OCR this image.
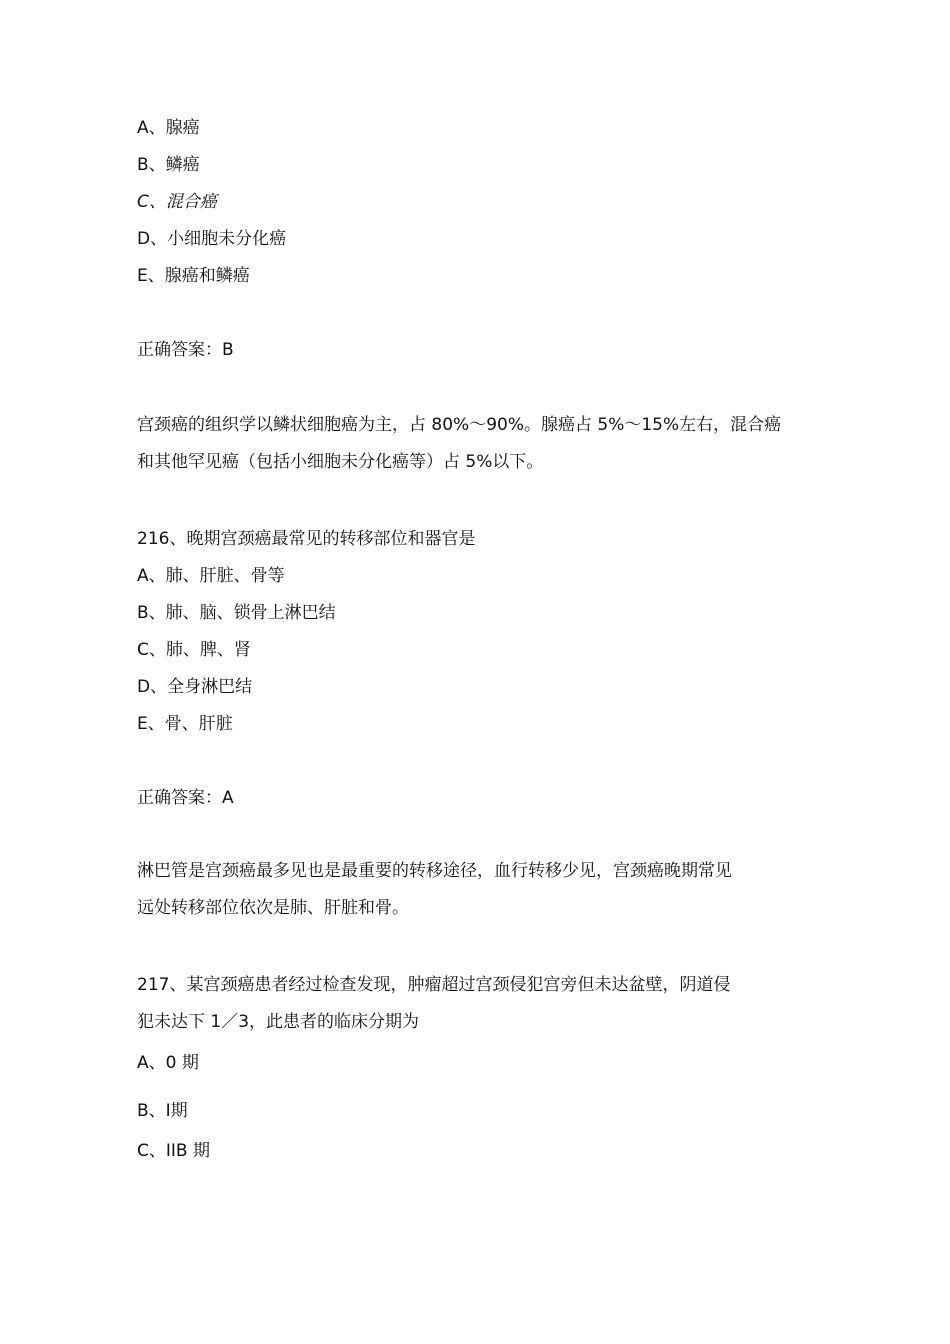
A、腺癌
B、鳞癌
C、混合癌
D、小细胞未分化癌
E、腺癌和鳞癌
正确答案：B
宫颈癌的组织学以鳞状细胞癌为主，占 80%～90%。腺癌占 5%～15%左右，混合癌
和其他罕见癌（包括小细胞未分化癌等）占 5%以下。
216、晚期宫颈癌最常见的转移部位和器官是
A、肺、肝脏、骨等
B、肺、脑、锁骨上淋巴结
C、肺、脾、肾
D、全身淋巴结
E、骨、肝脏
正确答案：A
淋巴管是宫颈癌最多见也是最重要的转移途径，血行转移少见，宫颈癌晚期常见
远处转移部位依次是肺、肝脏和骨。
217、某宫颈癌患者经过检查发现，肿瘤超过宫颈侵犯宫旁但未达盆壁，阴道侵
犯未达下 1／3，此患者的临床分期为
A、0 期
B、Ⅰ期
C、IIB 期
